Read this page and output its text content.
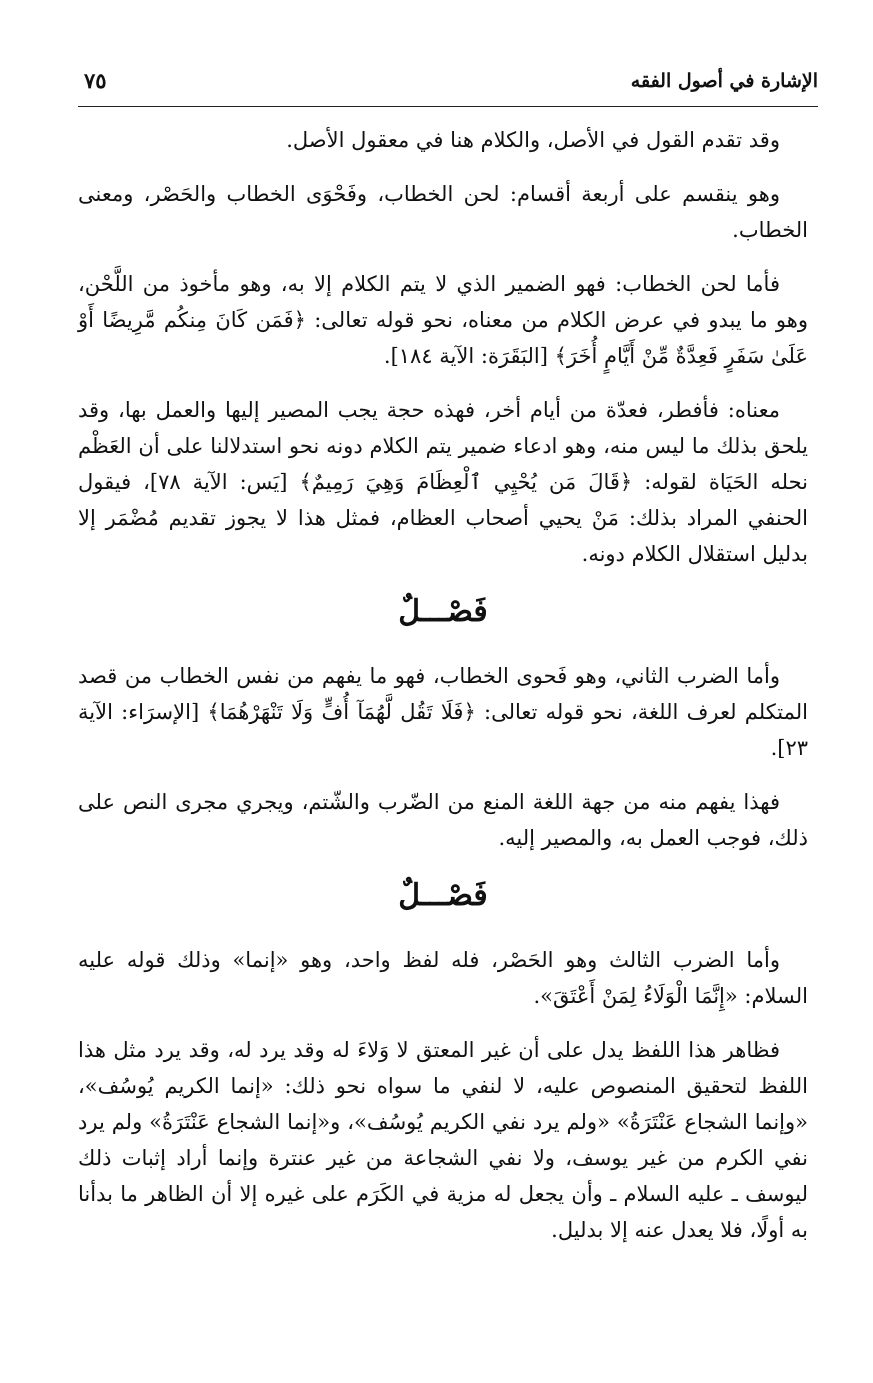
الإشارة في أصول الفقه
٧٥

وقد تقدم القول في الأصل، والكلام هنا في معقول الأصل.

وهو ينقسم على أربعة أقسام: لحن الخطاب، وفَحْوَى الخطاب والحَصْر، ومعنى الخطاب.

فأما لحن الخطاب: فهو الضمير الذي لا يتم الكلام إلا به، وهو مأخوذ من اللَّحْن، وهو ما يبدو في عرض الكلام من معناه، نحو قوله تعالى: ﴿فَمَن كَانَ مِنكُم مَّرِيضًا أَوْ عَلَىٰ سَفَرٍ فَعِدَّةٌ مِّنْ أَيَّامٍ أُخَرَ﴾ [البَقَرَة: الآية ١٨٤].

معناه: فأفطر، فعدّة من أيام أخر، فهذه حجة يجب المصير إليها والعمل بها، وقد يلحق بذلك ما ليس منه، وهو ادعاء ضمير يتم الكلام دونه نحو استدلالنا على أن العَظْم نحله الحَيَاة لقوله: ﴿قَالَ مَن يُحْيِي ٱلْعِظَامَ وَهِيَ رَمِيمٌ﴾ [يَس: الآية ٧٨]، فيقول الحنفي المراد بذلك: مَنْ يحيي أصحاب العظام، فمثل هذا لا يجوز تقديم مُضْمَر إلا بدليل استقلال الكلام دونه.

فَصْـــلٌ

وأما الضرب الثاني، وهو فَحوى الخطاب، فهو ما يفهم من نفس الخطاب من قصد المتكلم لعرف اللغة، نحو قوله تعالى: ﴿فَلَا تَقُل لَّهُمَآ أُفٍّ وَلَا تَنْهَرْهُمَا﴾ [الإسرَاء: الآية ٢٣].

فهذا يفهم منه من جهة اللغة المنع من الضّرب والشّتم، ويجري مجرى النص على ذلك، فوجب العمل به، والمصير إليه.

فَصْـــلٌ

وأما الضرب الثالث وهو الحَصْر، فله لفظ واحد، وهو «إنما» وذلك قوله عليه السلام: «إِنَّمَا الْوَلَاءُ لِمَنْ أَعْتَقَ».

فظاهر هذا اللفظ يدل على أن غير المعتق لا وَلاءَ له وقد يرد له، وقد يرد مثل هذا اللفظ لتحقيق المنصوص عليه، لا لنفي ما سواه نحو ذلك: «إنما الكريم يُوسُف»، «وإنما الشجاع عَنْتَرَةُ» «ولم يرد نفي الكريم يُوسُف»، و«إنما الشجاع عَنْتَرَةُ» ولم يرد نفي الكرم من غير يوسف، ولا نفي الشجاعة من غير عنترة وإنما أراد إثبات ذلك ليوسف ـ عليه السلام ـ وأن يجعل له مزية في الكَرَم على غيره إلا أن الظاهر ما بدأنا به أولًا، فلا يعدل عنه إلا بدليل.
